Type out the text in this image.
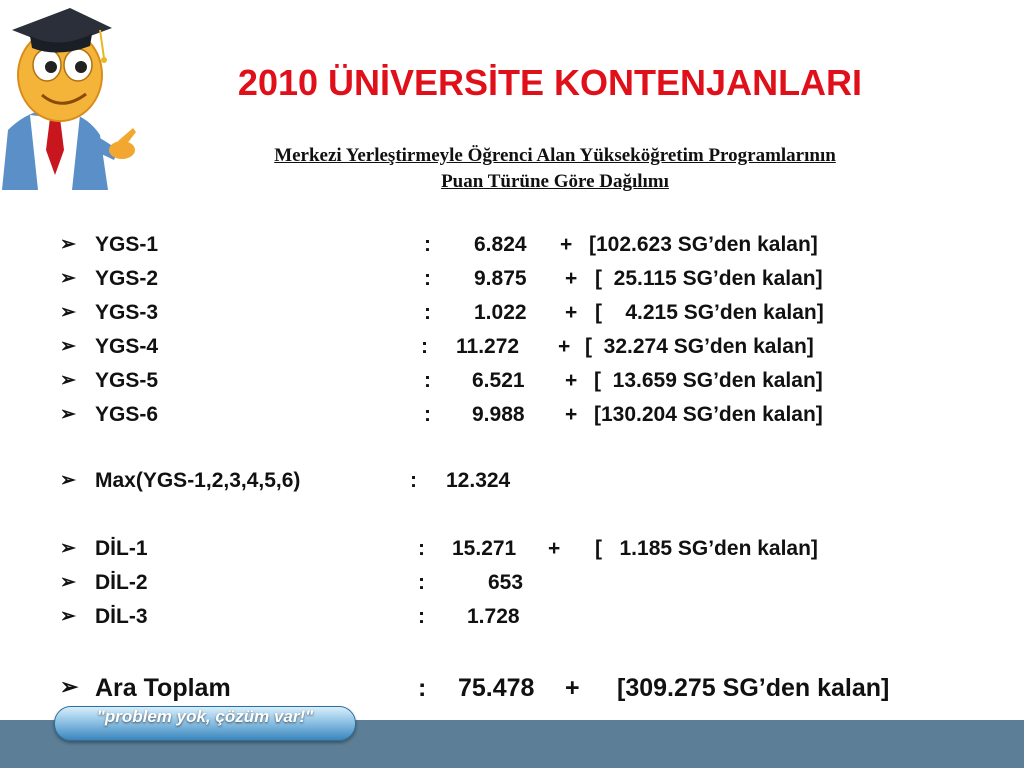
2010 ÜNİVERSİTE KONTENJANLARI
Merkezi Yerleştirmeyle Öğrenci Alan Yükseköğretim Programlarının
Puan Türüne Göre Dağılımı
➢ YGS-1	: 6.824 + [102.623 SG’den kalan]
➢ YGS-2	: 9.875 + [  25.115 SG’den kalan]
➢ YGS-3	: 1.022 + [    4.215 SG’den kalan]
➢ YGS-4	: 11.272 + [  32.274 SG’den kalan]
➢ YGS-5	: 6.521 + [  13.659 SG’den kalan]
➢ YGS-6	: 9.988 + [130.204 SG’den kalan]
➢ Max(YGS-1,2,3,4,5,6)	: 12.324
➢ DİL-1	: 15.271 + [   1.185 SG’den kalan]
➢ DİL-2	:	653
➢ DİL-3	: 1.728
➢ Ara Toplam	: 75.478 + [309.275 SG’den kalan]
"problem yok, çözüm var!"
